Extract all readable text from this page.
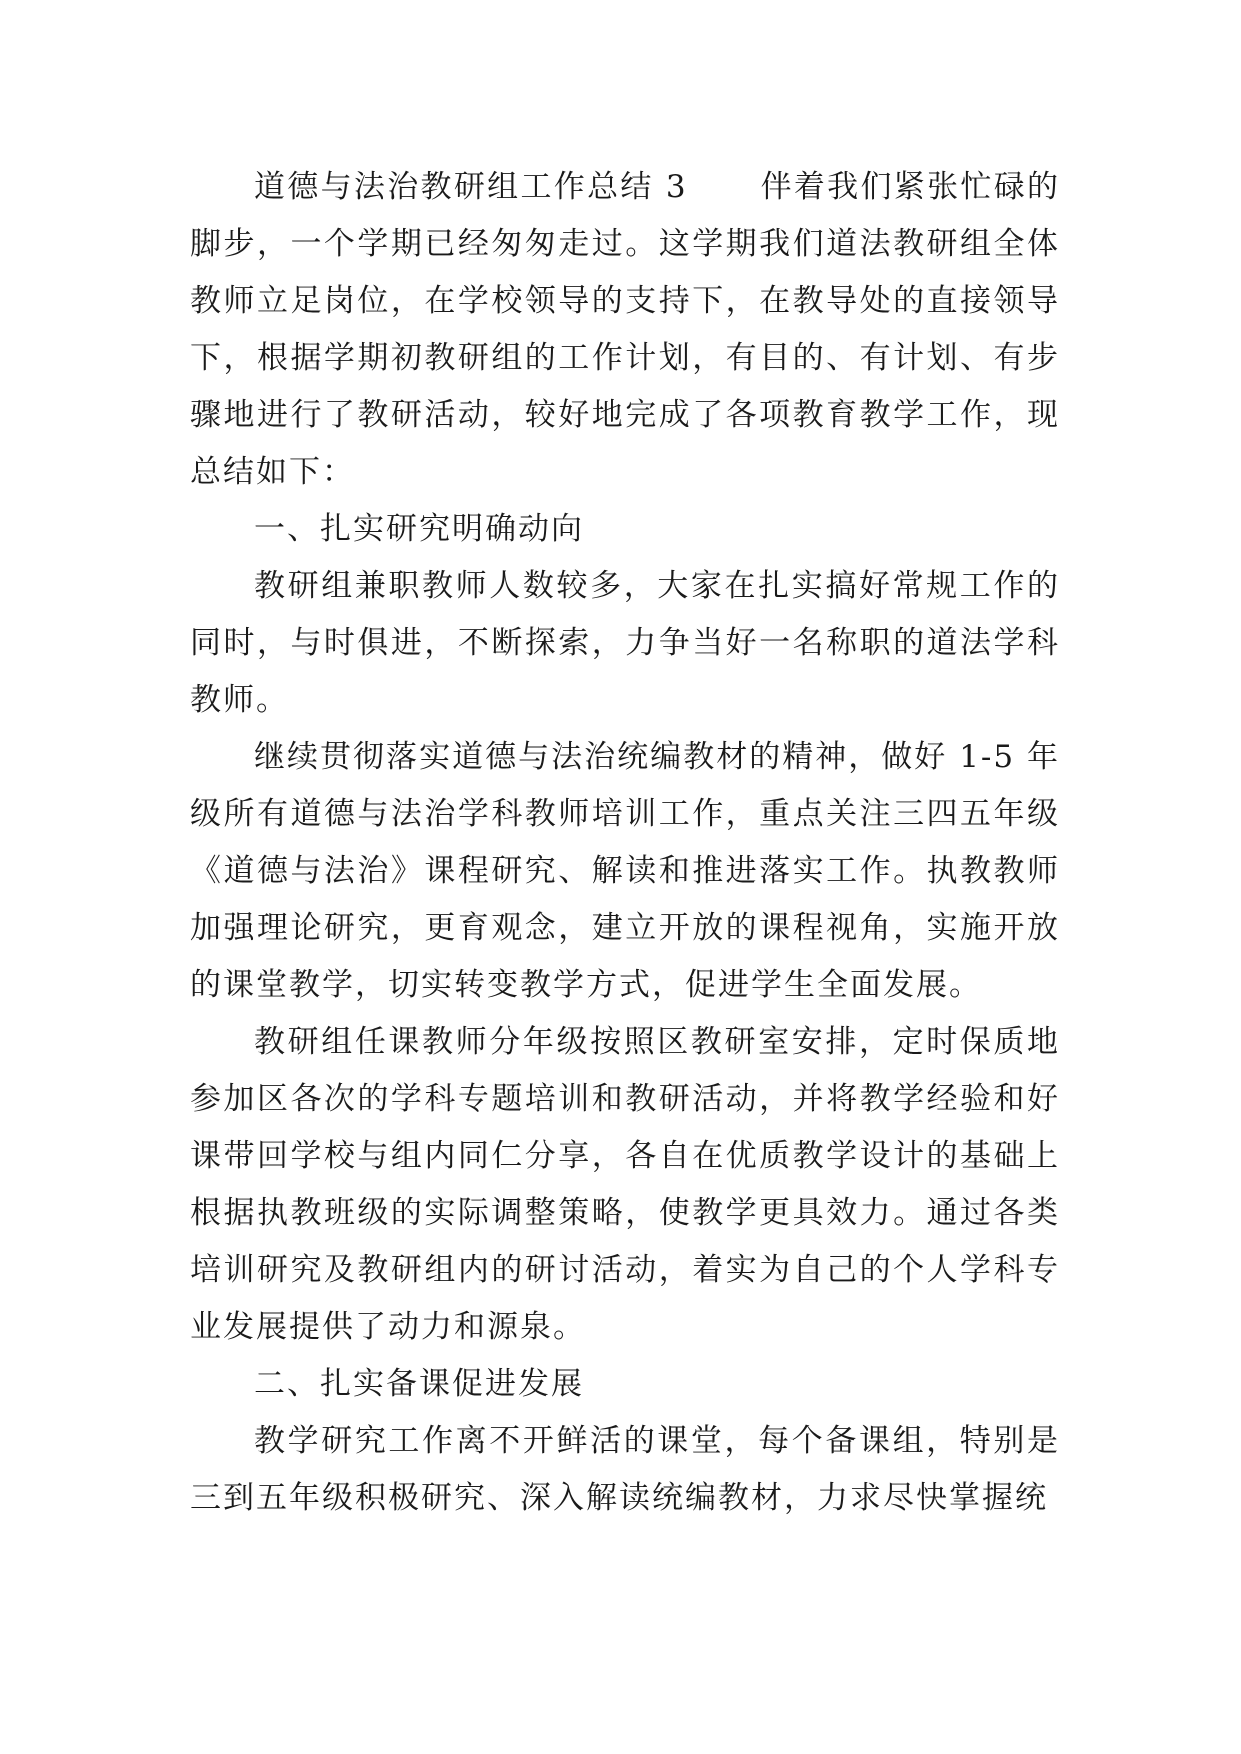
道德与法治教研组工作总结 3 伴着我们紧张忙碌的脚步，一个学期已经匆匆走过。这学期我们道法教研组全体教师立足岗位，在学校领导的支持下，在教导处的直接领导下，根据学期初教研组的工作计划，有目的、有计划、有步骤地进行了教研活动，较好地完成了各项教育教学工作，现总结如下：

一、扎实研究明确动向

教研组兼职教师人数较多，大家在扎实搞好常规工作的同时，与时俱进，不断探索，力争当好一名称职的道法学科教师。

继续贯彻落实道德与法治统编教材的精神，做好 1-5 年级所有道德与法治学科教师培训工作，重点关注三四五年级《道德与法治》课程研究、解读和推进落实工作。执教教师加强理论研究，更育观念，建立开放的课程视角，实施开放的课堂教学，切实转变教学方式，促进学生全面发展。

教研组任课教师分年级按照区教研室安排，定时保质地参加区各次的学科专题培训和教研活动，并将教学经验和好课带回学校与组内同仁分享，各自在优质教学设计的基础上根据执教班级的实际调整策略，使教学更具效力。通过各类培训研究及教研组内的研讨活动，着实为自己的个人学科专业发展提供了动力和源泉。

二、扎实备课促进发展

教学研究工作离不开鲜活的课堂，每个备课组，特别是三到五年级积极研究、深入解读统编教材，力求尽快掌握统
